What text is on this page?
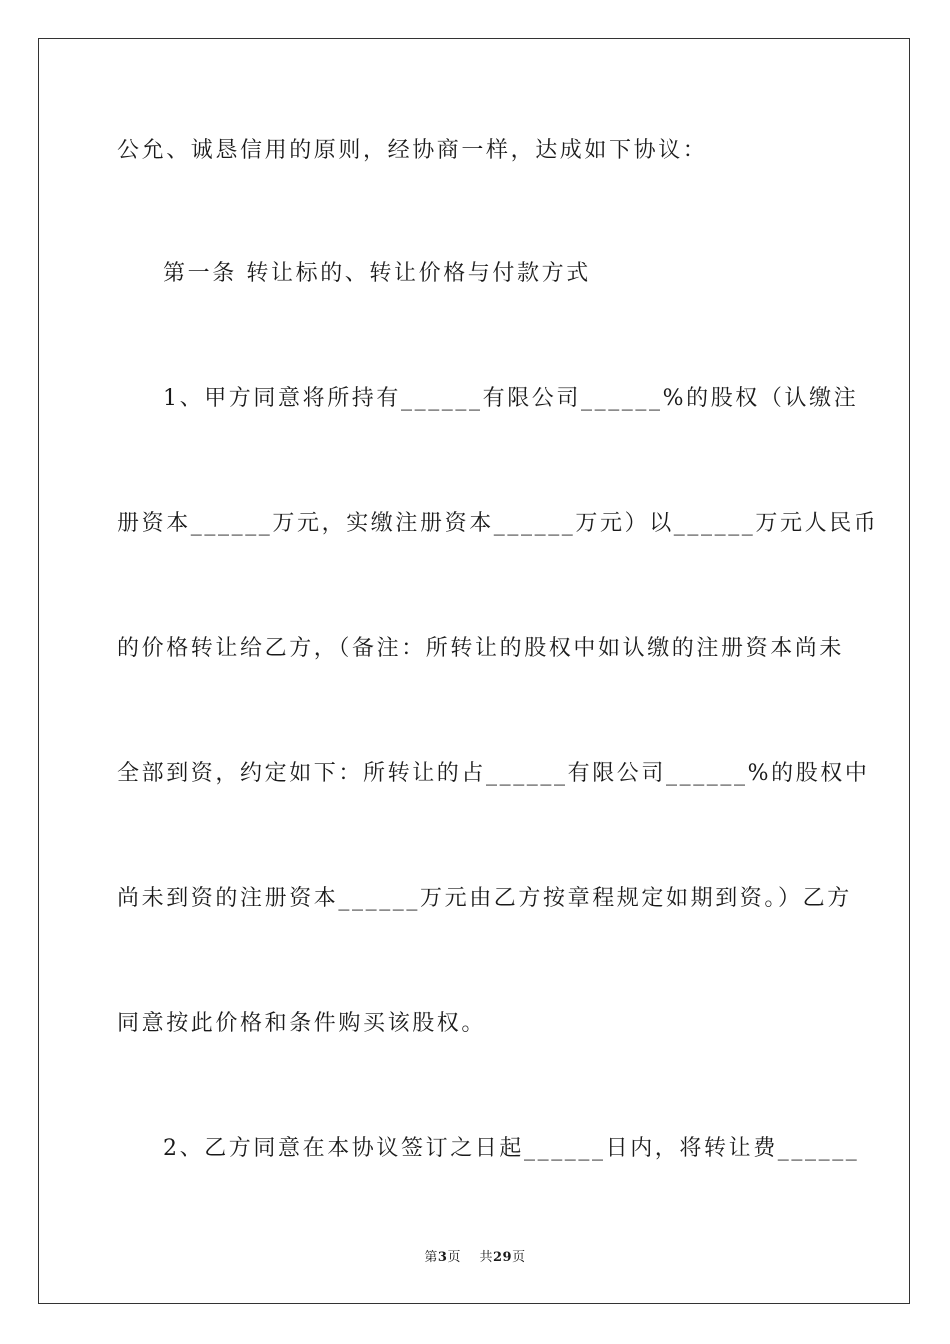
公允、诚恳信用的原则，经协商一样，达成如下协议：
第一条 转让标的、转让价格与付款方式
1、甲方同意将所持有______有限公司______%的股权（认缴注
册资本______万元，实缴注册资本______万元）以______万元人民币
的价格转让给乙方，（备注：所转让的股权中如认缴的注册资本尚未
全部到资，约定如下：所转让的占______有限公司______%的股权中
尚未到资的注册资本______万元由乙方按章程规定如期到资。）乙方
同意按此价格和条件购买该股权。
2、乙方同意在本协议签订之日起______日内，将转让费______
第3页 共29页
